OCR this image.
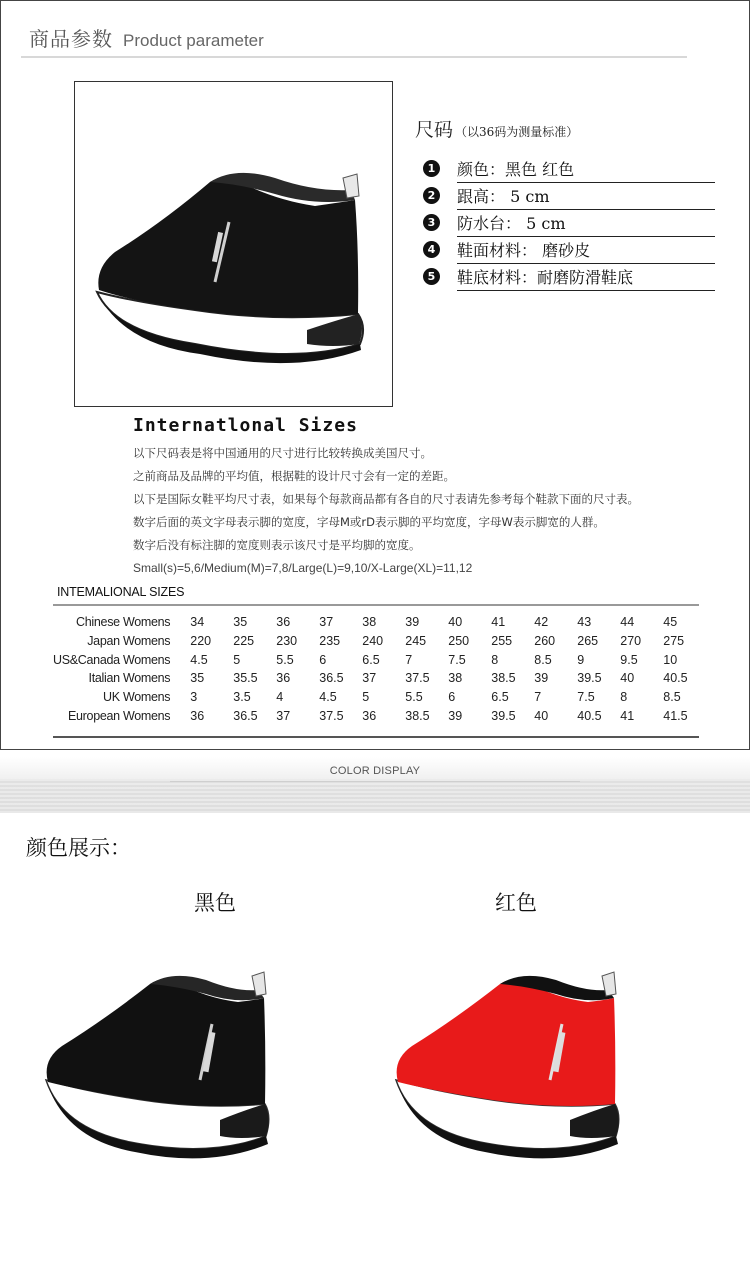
商品参数 Product parameter
尺码 （以36码为测量标准）
1 颜色：黑色 红色
2 跟高： 5 cm
3 防水台： 5 cm
4 鞋面材料： 磨砂皮
5 鞋底材料：耐磨防滑鞋底
Internatlonal Sizes
以下尺码表是将中国通用的尺寸进行比较转换成美国尺寸。
之前商品及品牌的平均值，根据鞋的设计尺寸会有一定的差距。
以下是国际女鞋平均尺寸表，如果每个每款商品都有各自的尺寸表请先参考每个鞋款下面的尺寸表。
数字后面的英文字母表示脚的宽度，字母M或rD表示脚的平均宽度，字母W表示脚宽的人群。
数字后没有标注脚的宽度则表示该尺寸是平均脚的宽度。
Small(s)=5,6/Medium(M)=7,8/Large(L)=9,10/X-Large(XL)=11,12
INTEMALIONAL SIZES
Chinese Womens	34	35	36	37	38	39	40	41	42	43	44	45
Japan Womens	220	225	230	235	240	245	250	255	260	265	270	275
US&Canada Womens	4.5	5	5.5	6	6.5	7	7.5	8	8.5	9	9.5	10
Italian Womens	35	35.5	36	36.5	37	37.5	38	38.5	39	39.5	40	40.5
UK Womens	3	3.5	4	4.5	5	5.5	6	6.5	7	7.5	8	8.5
European Womens	36	36.5	37	37.5	36	38.5	39	39.5	40	40.5	41	41.5
COLOR DISPLAY
颜色展示：
黑色	红色
